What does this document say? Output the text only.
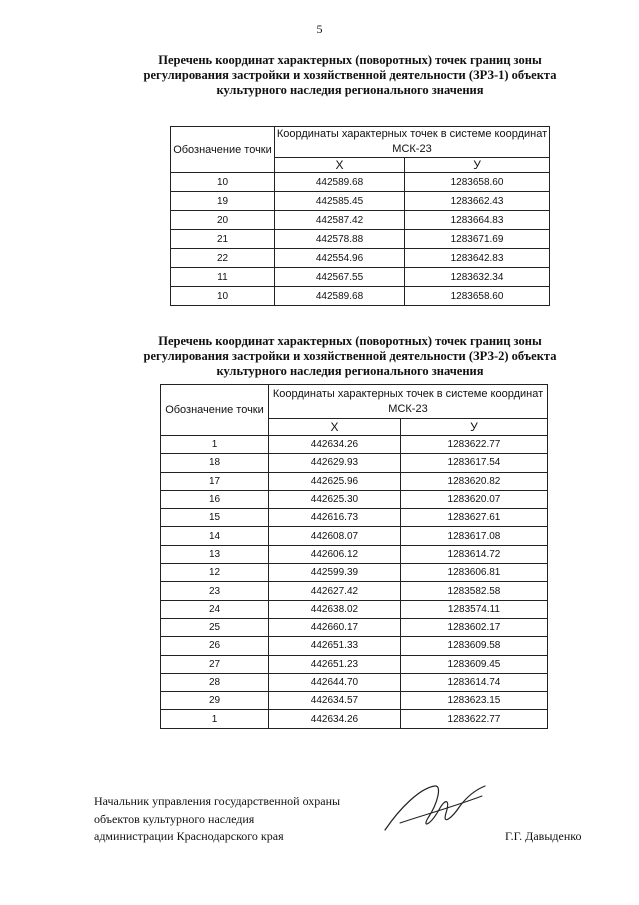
5
Перечень координат характерных (поворотных) точек границ зоны
регулирования застройки и хозяйственной деятельности (ЗРЗ-1) объекта
культурного наследия регионального значения
Обозначение точки	Координаты характерных точек в системе координат МСК-23	
	Х	У
10	442589.68	1283658.60
19	442585.45	1283662.43
20	442587.42	1283664.83
21	442578.88	1283671.69
22	442554.96	1283642.83
11	442567.55	1283632.34
10	442589.68	1283658.60
Перечень координат характерных (поворотных) точек границ зоны
регулирования застройки и хозяйственной деятельности (ЗРЗ-2) объекта
культурного наследия регионального значения
Обозначение точки	Координаты характерных точек в системе координат МСК-23	
	Х	У
1	442634.26	1283622.77
18	442629.93	1283617.54
17	442625.96	1283620.82
16	442625.30	1283620.07
15	442616.73	1283627.61
14	442608.07	1283617.08
13	442606.12	1283614.72
12	442599.39	1283606.81
23	442627.42	1283582.58
24	442638.02	1283574.11
25	442660.17	1283602.17
26	442651.33	1283609.58
27	442651.23	1283609.45
28	442644.70	1283614.74
29	442634.57	1283623.15
1	442634.26	1283622.77
Начальник управления государственной охраны
объектов культурного наследия
администрации Краснодарского края	Г.Г. Давыденко
